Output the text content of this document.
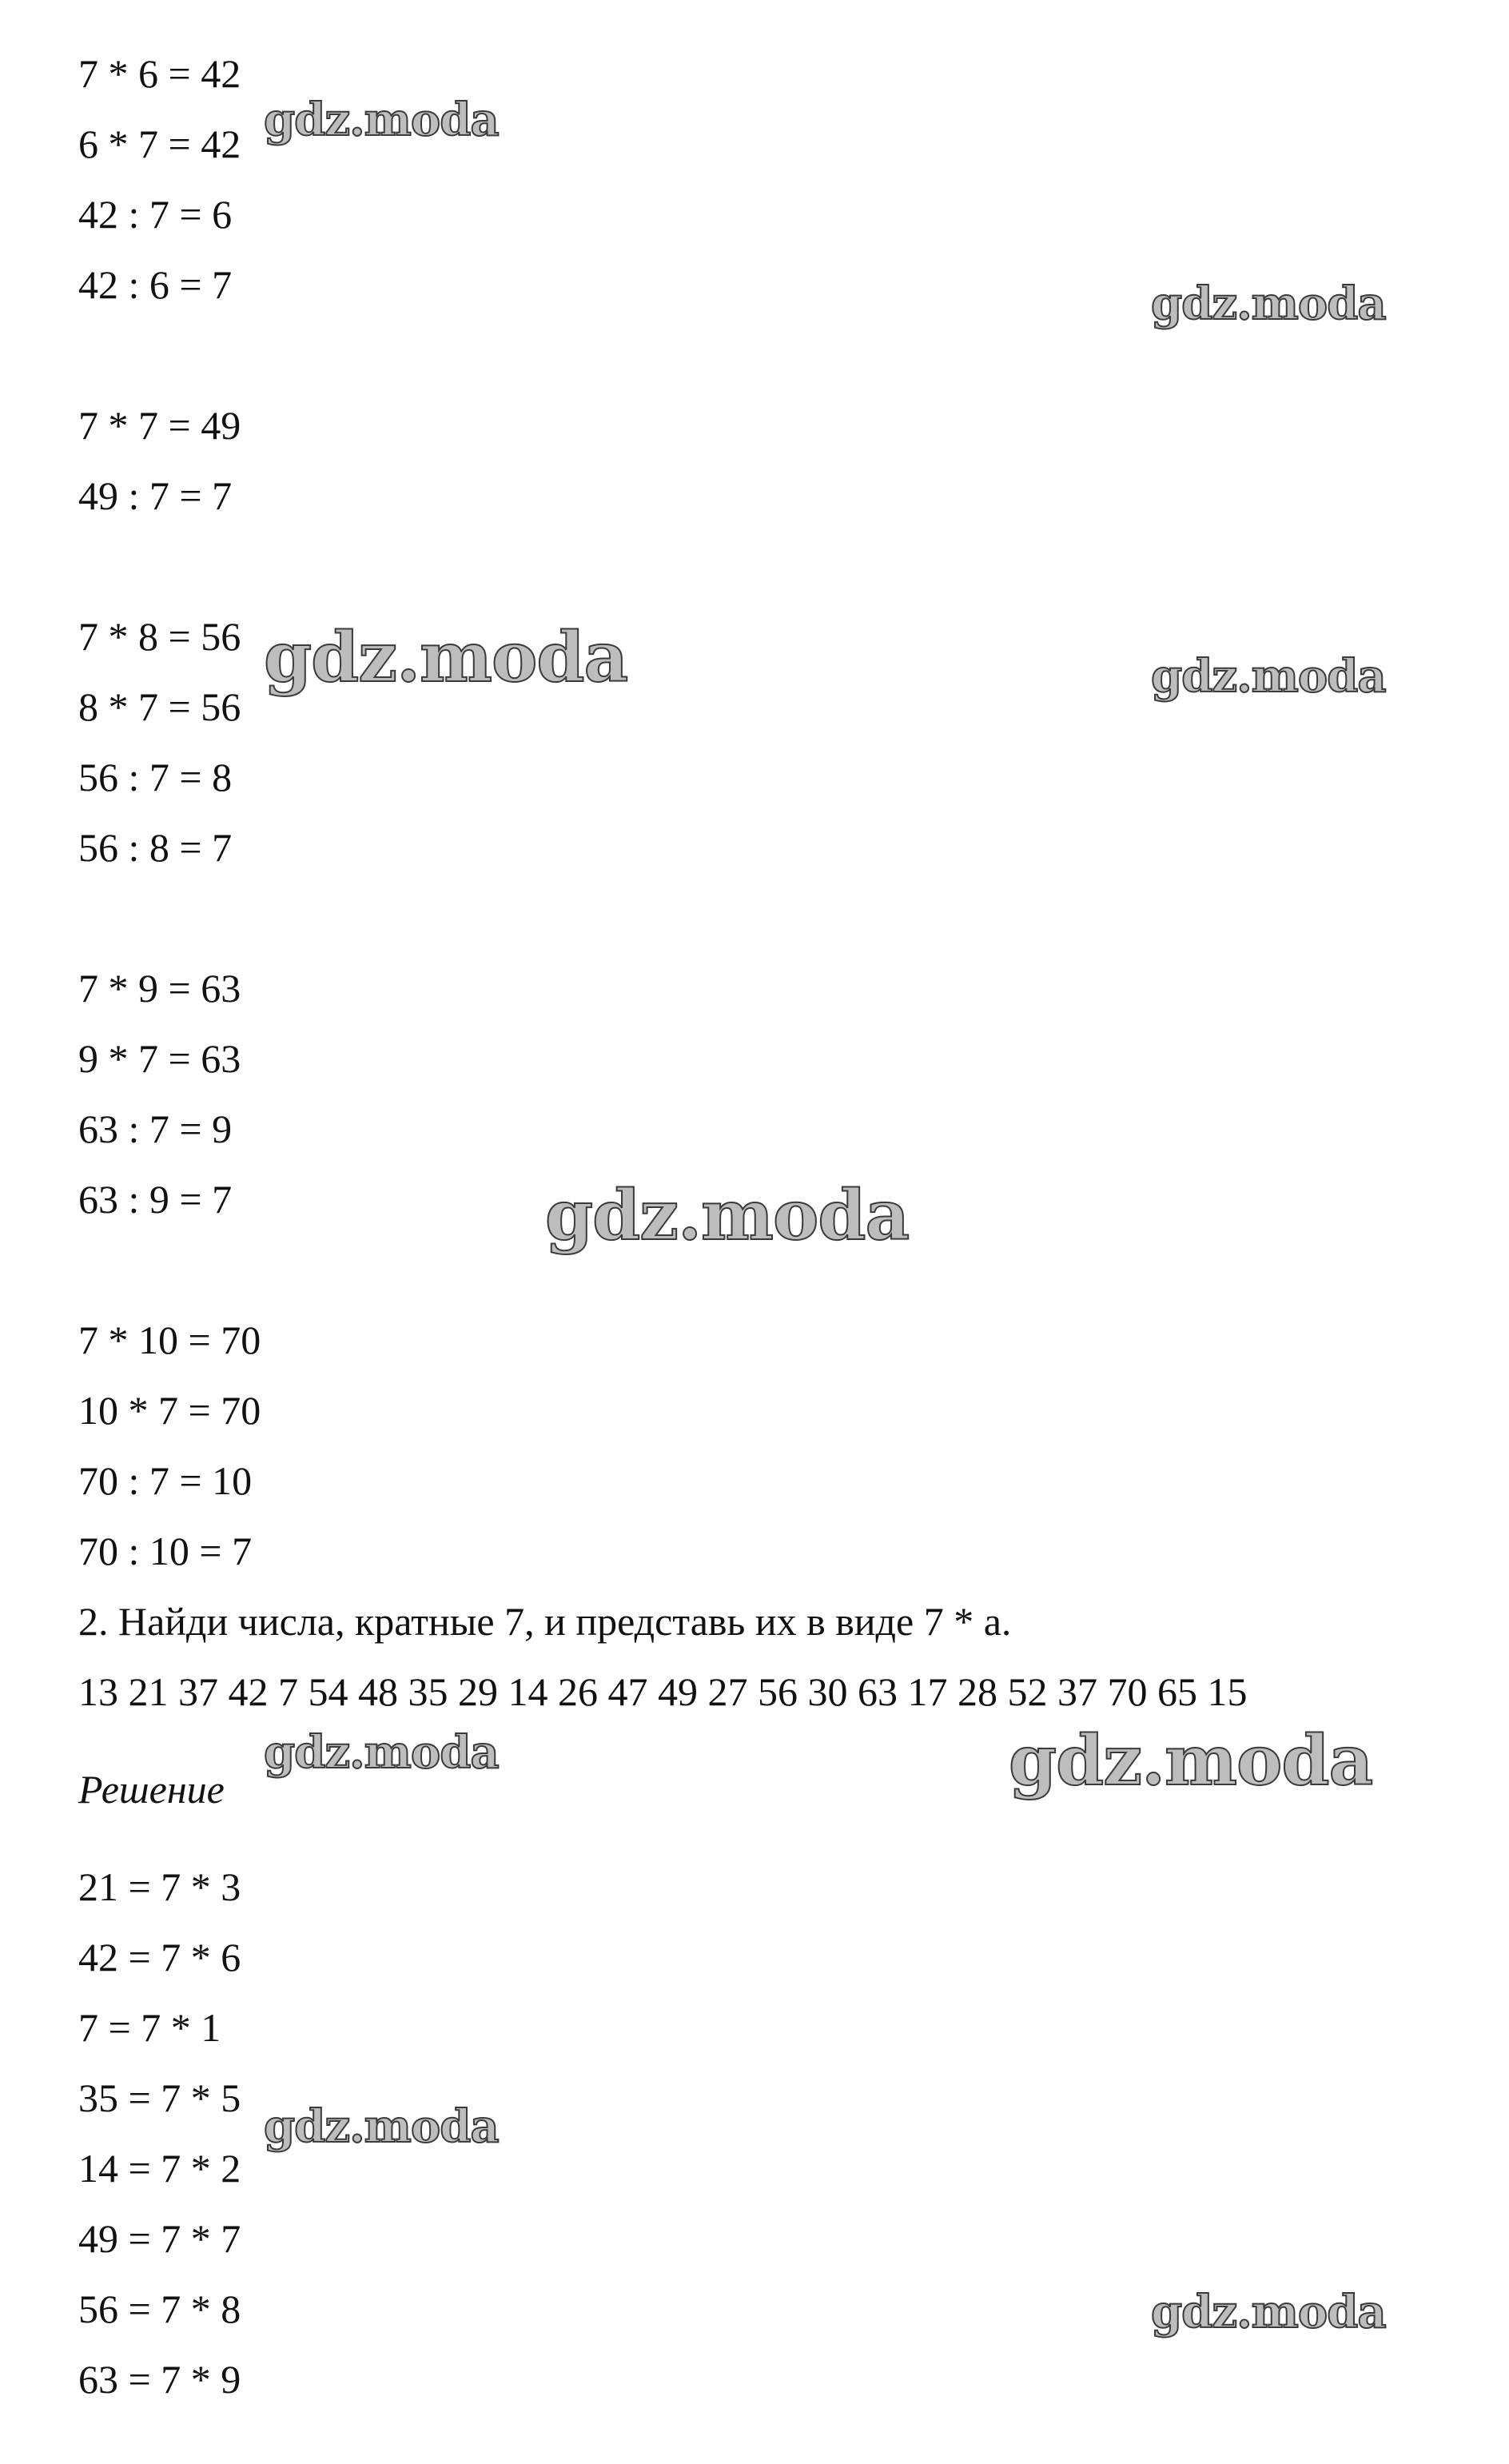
7 * 6 = 42
6 * 7 = 42
42 : 7 = 6
42 : 6 = 7
7 * 7 = 49
49 : 7 = 7
7 * 8 = 56
8 * 7 = 56
56 : 7 = 8
56 : 8 = 7
7 * 9 = 63
9 * 7 = 63
63 : 7 = 9
63 : 9 = 7
7 * 10 = 70
10 * 7 = 70
70 : 7 = 10
70 : 10 = 7
2. Найди числа, кратные 7, и представь их в виде 7 * а.
13 21 37 42 7 54 48 35 29 14 26 47 49 27 56 30 63 17 28 52 37 70 65 15
Решение
21 = 7 * 3
42 = 7 * 6
7 = 7 * 1
35 = 7 * 5
14 = 7 * 2
49 = 7 * 7
56 = 7 * 8
63 = 7 * 9
gdz.moda
gdz.moda
gdz.moda	gdz.moda
gdz.moda
gdz.moda	gdz.moda
gdz.moda
gdz.moda
